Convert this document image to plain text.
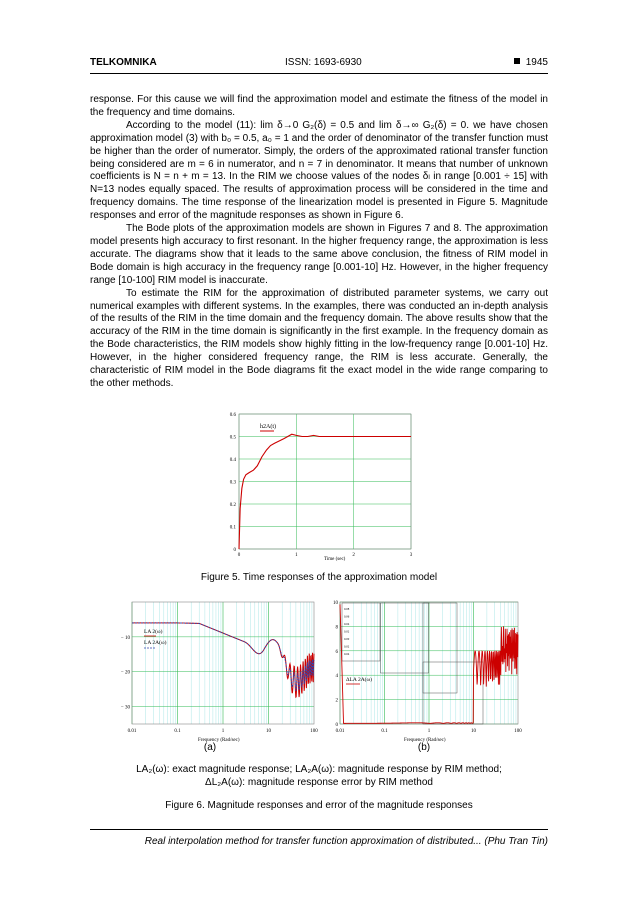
TELKOMNIKA	ISSN: 1693-6930	1945

response. For this cause we will find the approximation model and estimate the fitness of the model in the frequency and time domains.

According to the model (11): lim δ→0 G₂(δ) = 0.5 and lim δ→∞ G₂(δ) = 0. we have chosen approximation model (3) with b₀ = 0.5, a₀ = 1 and the order of denominator of the transfer function must be higher than the order of numerator. Simply, the orders of the approximated rational transfer function being considered are m = 6 in numerator, and n = 7 in denominator. It means that number of unknown coefficients is N = n + m = 13. In the RIM we choose values of the nodes δₗ in range [0.001 ÷ 15] with N=13 nodes equally spaced. The results of approximation process will be considered in the time and frequency domains. The time response of the linearization model is presented in Figure 5. Magnitude responses and error of the magnitude responses as shown in Figure 6.

The Bode plots of the approximation models are shown in Figures 7 and 8. The approximation model presents high accuracy to first resonant. In the higher frequency range, the approximation is less accurate. The diagrams show that it leads to the same above conclusion, the fitness of RIM model in Bode domain is high accuracy in the frequency range [0.001-10] Hz. However, in the higher frequency range [10-100] RIM model is inaccurate.

To estimate the RIM for the approximation of distributed parameter systems, we carry out numerical examples with different systems. In the examples, there was conducted an in-depth analysis of the results of the RIM in the time domain and the frequency domain. The above results show that the accuracy of the RIM in the time domain is significantly in the first example. In the frequency domain as the Bode characteristics, the RIM models show highly fitting in the low-frequency range [0.001-10] Hz. However, in the higher considered frequency range, the RIM is less accurate. Generally, the characteristic of RIM model in the Bode diagrams fit the exact model in the wide range comparing to the other methods.

0
0.1
0.2
0.3
0.4
0.5
0.6
0	1	2	3
h2A(t)
Time (sec)
Figure 5. Time responses of the approximation model
− 10
− 20
− 30
0.01	0.1	1	10	100
LA 2(ω)
LA 2A(ω)
Frequency (Rad/sec)
0
2
4
6
8
10
0.01	0.1	1	10	100
0.08
0.06
0.04
0.02
0.00
0.02
0.04
ΔLA 2A(ω)
Frequency (Rad/sec)
(a)	(b)
LA₂(ω): exact magnitude response; LA₂A(ω): magnitude response by RIM method;
ΔL₂A(ω): magnitude response error by RIM method
Figure 6. Magnitude responses and error of the magnitude responses
Real interpolation method for transfer function approximation of distributed... (Phu Tran Tin)
